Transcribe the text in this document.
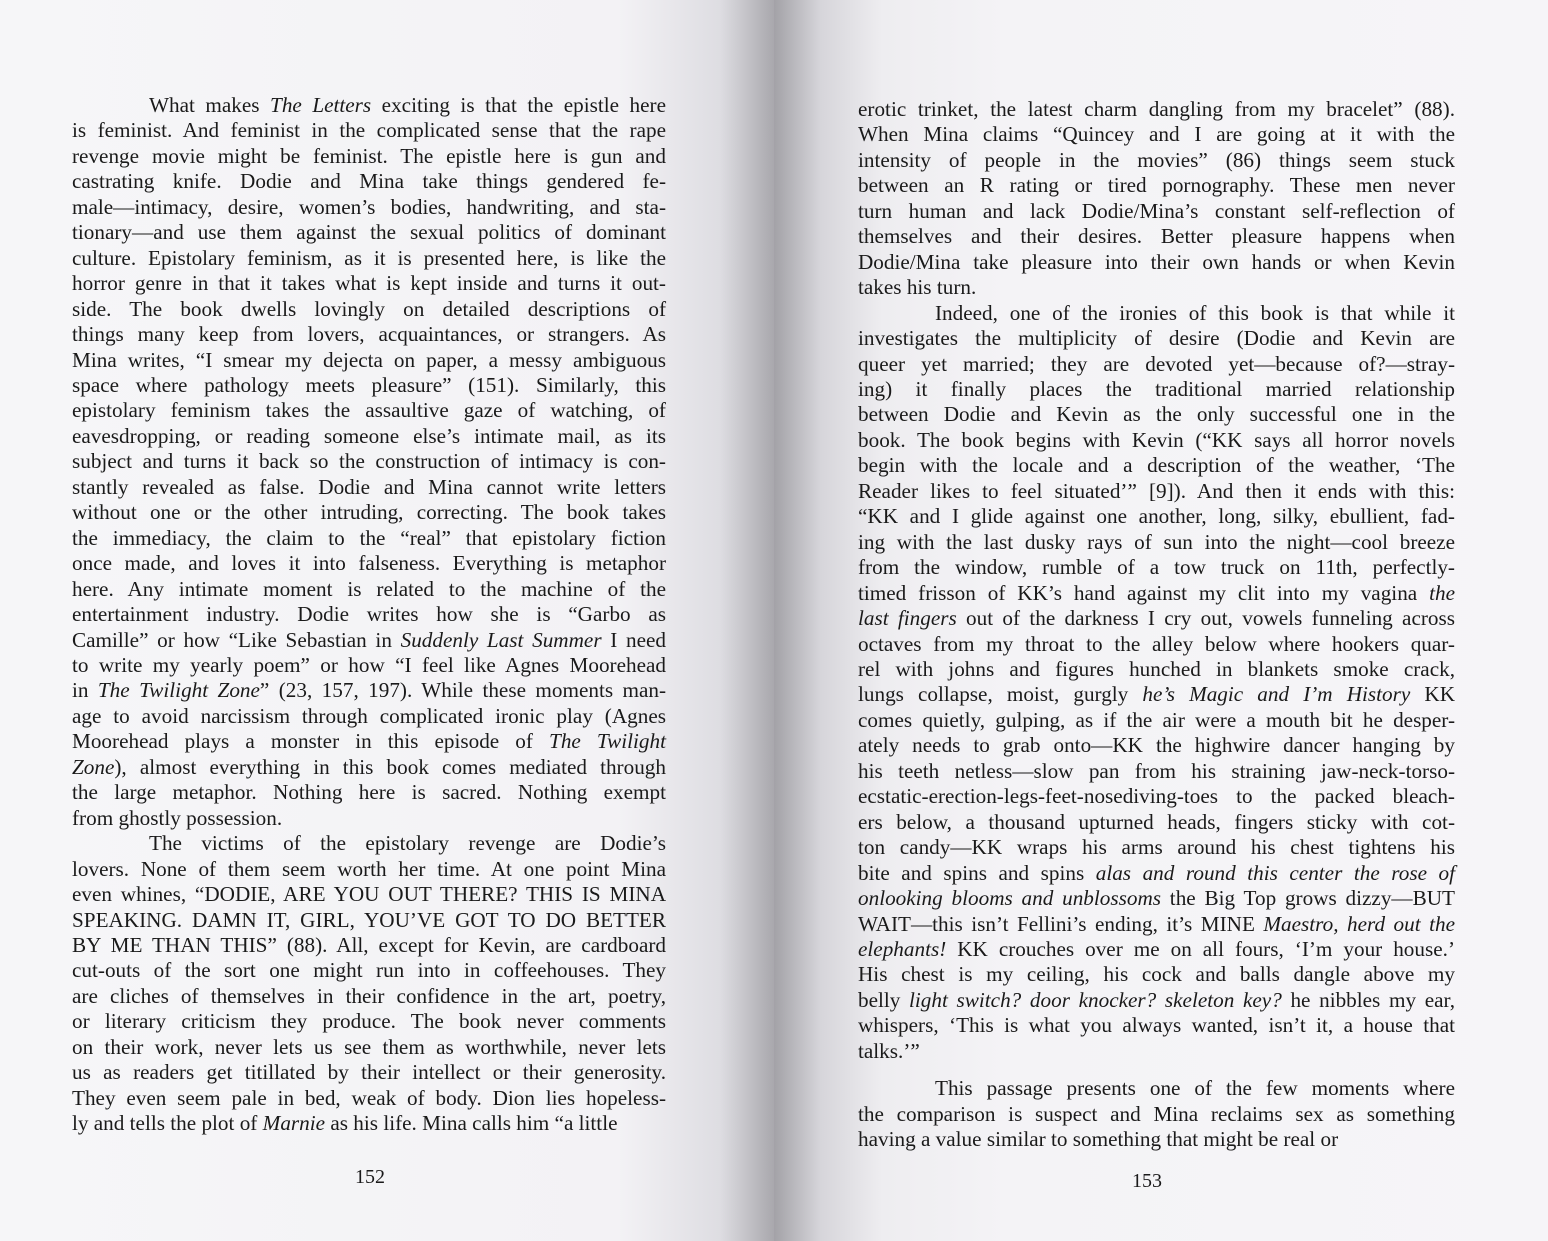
What makes The Letters exciting is that the epistle here
is feminist. And feminist in the complicated sense that the rape
revenge movie might be feminist. The epistle here is gun and
castrating knife. Dodie and Mina take things gendered fe-
male—intimacy, desire, women’s bodies, handwriting, and sta-
tionary—and use them against the sexual politics of dominant
culture. Epistolary feminism, as it is presented here, is like the
horror genre in that it takes what is kept inside and turns it out-
side. The book dwells lovingly on detailed descriptions of
things many keep from lovers, acquaintances, or strangers. As
Mina writes, “I smear my dejecta on paper, a messy ambiguous
space where pathology meets pleasure” (151). Similarly, this
epistolary feminism takes the assaultive gaze of watching, of
eavesdropping, or reading someone else’s intimate mail, as its
subject and turns it back so the construction of intimacy is con-
stantly revealed as false. Dodie and Mina cannot write letters
without one or the other intruding, correcting. The book takes
the immediacy, the claim to the “real” that epistolary fiction
once made, and loves it into falseness. Everything is metaphor
here. Any intimate moment is related to the machine of the
entertainment industry. Dodie writes how she is “Garbo as
Camille” or how “Like Sebastian in Suddenly Last Summer I need
to write my yearly poem” or how “I feel like Agnes Moorehead
in The Twilight Zone” (23, 157, 197). While these moments man-
age to avoid narcissism through complicated ironic play (Agnes
Moorehead plays a monster in this episode of The Twilight
Zone), almost everything in this book comes mediated through
the large metaphor. Nothing here is sacred. Nothing exempt
from ghostly possession.
The victims of the epistolary revenge are Dodie’s
lovers. None of them seem worth her time. At one point Mina
even whines, “DODIE, ARE YOU OUT THERE? THIS IS MINA
SPEAKING. DAMN IT, GIRL, YOU’VE GOT TO DO BETTER
BY ME THAN THIS” (88). All, except for Kevin, are cardboard
cut-outs of the sort one might run into in coffeehouses. They
are cliches of themselves in their confidence in the art, poetry,
or literary criticism they produce. The book never comments
on their work, never lets us see them as worthwhile, never lets
us as readers get titillated by their intellect or their generosity.
They even seem pale in bed, weak of body. Dion lies hopeless-
ly and tells the plot of Marnie as his life. Mina calls him “a little
152
erotic trinket, the latest charm dangling from my bracelet” (88).
When Mina claims “Quincey and I are going at it with the
intensity of people in the movies” (86) things seem stuck
between an R rating or tired pornography. These men never
turn human and lack Dodie/Mina’s constant self-reflection of
themselves and their desires. Better pleasure happens when
Dodie/Mina take pleasure into their own hands or when Kevin
takes his turn.
Indeed, one of the ironies of this book is that while it
investigates the multiplicity of desire (Dodie and Kevin are
queer yet married; they are devoted yet—because of?—stray-
ing) it finally places the traditional married relationship
between Dodie and Kevin as the only successful one in the
book. The book begins with Kevin (“KK says all horror novels
begin with the locale and a description of the weather, ‘The
Reader likes to feel situated’” [9]). And then it ends with this:
“KK and I glide against one another, long, silky, ebullient, fad-
ing with the last dusky rays of sun into the night—cool breeze
from the window, rumble of a tow truck on 11th, perfectly-
timed frisson of KK’s hand against my clit into my vagina the
last fingers out of the darkness I cry out, vowels funneling across
octaves from my throat to the alley below where hookers quar-
rel with johns and figures hunched in blankets smoke crack,
lungs collapse, moist, gurgly he’s Magic and I’m History KK
comes quietly, gulping, as if the air were a mouth bit he desper-
ately needs to grab onto—KK the highwire dancer hanging by
his teeth netless—slow pan from his straining jaw-neck-torso-
ecstatic-erection-legs-feet-nosediving-toes to the packed bleach-
ers below, a thousand upturned heads, fingers sticky with cot-
ton candy—KK wraps his arms around his chest tightens his
bite and spins and spins alas and round this center the rose of
onlooking blooms and unblossoms the Big Top grows dizzy—BUT
WAIT—this isn’t Fellini’s ending, it’s MINE Maestro, herd out the
elephants! KK crouches over me on all fours, ‘I’m your house.’
His chest is my ceiling, his cock and balls dangle above my
belly light switch? door knocker? skeleton key? he nibbles my ear,
whispers, ‘This is what you always wanted, isn’t it, a house that
talks.’”
This passage presents one of the few moments where
the comparison is suspect and Mina reclaims sex as something
having a value similar to something that might be real or
153
